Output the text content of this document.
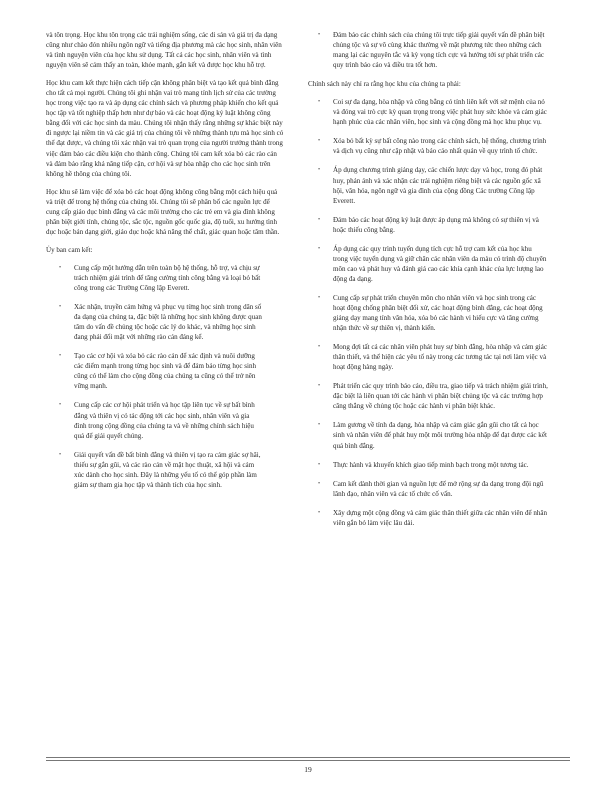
và tôn trọng. Học khu tôn trọng các trải nghiệm sống, các di sản và giá trị đa dạng cũng như chào đón nhiều ngôn ngữ và tiếng địa phương mà các học sinh, nhân viên và tình nguyện viên của học khu sử dụng. Tất cả các học sinh, nhân viên và tình nguyện viên sẽ cảm thấy an toàn, khỏe mạnh, gắn kết và được học khu hỗ trợ.

Học khu cam kết thực hiện cách tiếp cận không phân biệt và tạo kết quả bình đẳng cho tất cả mọi người. Chúng tôi ghi nhận vai trò mang tính lịch sử của các trường học trong việc tạo ra và áp dụng các chính sách và phương pháp khiến cho kết quả học tập và tốt nghiệp thấp hơn như dự báo và các hoạt động kỷ luật không công bằng đối với các học sinh da màu. Chúng tôi nhận thấy rằng những sự khác biệt này đi ngược lại niềm tin và các giá trị của chúng tôi về những thành tựu mà học sinh có thể đạt được, và chúng tôi xác nhận vai trò quan trọng của người trưởng thành trong việc đảm bảo các điều kiện cho thành công. Chúng tôi cam kết xóa bỏ các rào cản và đảm bảo rằng khả năng tiếp cận, cơ hội và sự hòa nhập cho các học sinh trên không hề thông của chúng tôi.

Học khu sẽ làm việc để xóa bỏ các hoạt động không công bằng một cách hiệu quả và triệt để trong hệ thống của chúng tôi. Chúng tôi sẽ phân bổ các nguồn lực để cung cấp giáo dục bình đẳng và các môi trường cho các trẻ em và gia đình không phân biệt giới tính, chủng tộc, sắc tộc, nguồn gốc quốc gia, độ tuổi, xu hướng tình dục hoặc bản dạng giới, giáo dục hoặc khả năng thể chất, giác quan hoặc tâm thần.

Ủy ban cam kết:

• Cung cấp một hướng dẫn trên toàn bộ hệ thống, hỗ trợ, và chịu sự trách nhiệm giải trình để tăng cường tính công bằng và loại bỏ bất công trong các Trường Công lập Everett.
• Xác nhận, truyền cảm hứng và phục vụ từng học sinh trong dân số đa dạng của chúng ta, đặc biệt là những học sinh không được quan tâm do vấn đề chủng tộc hoặc các lý do khác, và những học sinh đang phải đối mặt với những rào cản đáng kể.
• Tạo các cơ hội và xóa bỏ các rào cản để xác định và nuôi dưỡng các điểm mạnh trong từng học sinh và để đảm bảo từng học sinh cũng có thể làm cho cộng đồng của chúng ta cũng có thể trở nên vững mạnh.
• Cung cấp các cơ hội phát triển và học tập liên tục về sự bất bình đẳng và thiên vị có tác động tới các học sinh, nhân viên và gia đình trong cộng đồng của chúng ta và về những chính sách hiệu quả để giải quyết chúng.
• Giải quyết vấn đề bất bình đẳng và thiên vị tạo ra cảm giác sợ hãi, thiếu sự gắn gũi, và các rào cản về mặt học thuật, xã hội và cảm xúc dành cho học sinh. Đây là những yếu tố có thể góp phần làm giảm sự tham gia học tập và thành tích của học sinh.
• Đảm bảo các chính sách của chúng tôi trực tiếp giải quyết vấn đề phân biệt chủng tộc và sự vô cùng khác thường về mặt phương tức theo những cách mang lại các nguyên tắc và kỳ vọng tích cực và hướng tới sự phát triển các quy trình báo cáo và điều tra tốt hơn.

Chính sách này chỉ ra rằng học khu của chúng ta phải:

• Coi sự đa dạng, hòa nhập và công bằng có tính liên kết với sứ mệnh của nó và đóng vai trò cực kỳ quan trọng trong việc phát huy sức khỏe và cảm giác hạnh phúc của các nhân viên, học sinh và cộng đồng mà học khu phục vụ.
• Xóa bỏ bất kỳ sự bất công nào trong các chính sách, hệ thống, chương trình và dịch vụ cũng như cập nhật và báo cáo nhất quán về quy trình tổ chức.
• Áp dụng chương trình giảng dạy, các chiến lược dạy và học, trong đó phát huy, phản ánh và xác nhận các trải nghiệm riêng biệt và các nguồn gốc xã hội, văn hóa, ngôn ngữ và gia đình của cộng đồng Các trường Công lập Everett.
• Đảm bảo các hoạt động kỷ luật được áp dụng mà không có sự thiên vị và hoặc thiếu công bằng.
• Áp dụng các quy trình tuyển dụng tích cực hỗ trợ cam kết của học khu trong việc tuyển dụng và giữ chân các nhân viên da màu có trình độ chuyên môn cao và phát huy và đánh giá cao các khía cạnh khác của lực lượng lao động đa dạng.
• Cung cấp sự phát triển chuyên môn cho nhân viên và học sinh trong các hoạt động chống phân biệt đối xử, các hoạt động bình đẳng, các hoạt động giảng dạy mang tính văn hóa, xóa bỏ các hành vi hiếu cực và tăng cường nhận thức về sự thiên vị, thành kiến.
• Mong đợi tất cả các nhân viên phát huy sự bình đẳng, hòa nhập và cảm giác thân thiết, và thể hiện các yêu tố này trong các tương tác tại nơi làm việc và hoạt động hàng ngày.
• Phát triển các quy trình báo cáo, điều tra, giao tiếp và trách nhiệm giải trình, đặc biệt là liên quan tới các hành vi phân biệt chủng tộc và các trường hợp căng thẳng về chủng tộc hoặc các hành vi phân biệt khác.
• Làm gương về tính đa dạng, hòa nhập và cảm giác gắn gũi cho tất cả học sinh và nhân viên để phát huy một môi trường hòa nhập để đạt được các kết quả bình đẳng.
• Thực hành và khuyến khích giao tiếp minh bạch trong một tương tác.
• Cam kết dành thời gian và nguồn lực để mở rộng sự đa dạng trong đội ngũ lãnh đạo, nhân viên và các tổ chức cố vấn.
• Xây dựng một cộng đồng và cảm giác thân thiết giữa các nhân viên để nhân viên gắn bó làm việc lâu dài.
19
